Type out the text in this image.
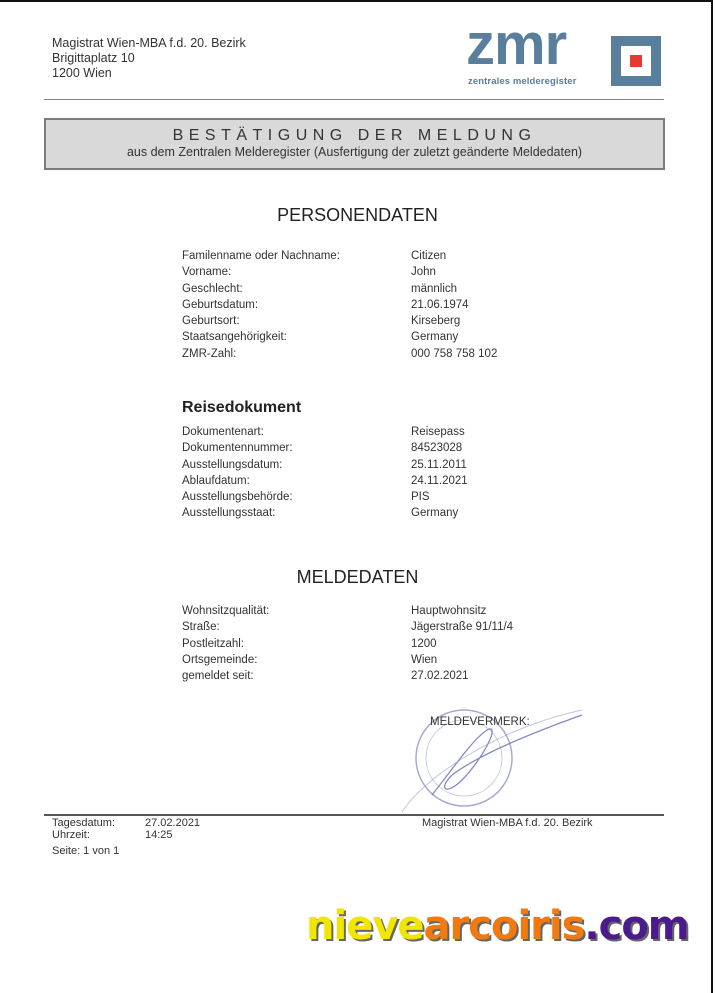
Magistrat Wien-MBA f.d. 20. Bezirk
Brigittaplatz 10
1200 Wien	zmr
zentrales melderegister
BESTÄTIGUNG DER MELDUNG
aus dem Zentralen Melderegister (Ausfertigung der zuletzt geänderte Meldedaten)
PERSONENDATEN
Familenname oder Nachname:	Citizen
Vorname:	John
Geschlecht:	männlich
Geburtsdatum:	21.06.1974
Geburtsort:	Kirseberg
Staatsangehörigkeit:	Germany
ZMR-Zahl:	000 758 758 102
Reisedokument
Dokumentenart:	Reisepass
Dokumentennummer:	84523028
Ausstellungsdatum:	25.11.2011
Ablaufdatum:	24.11.2021
Ausstellungsbehörde:	PIS
Ausstellungsstaat:	Germany
MELDEDATEN
Wohnsitzqualität:	Hauptwohnsitz
Straße:	Jägerstraße 91/11/4
Postleitzahl:	1200
Ortsgemeinde:	Wien
gemeldet seit:	27.02.2021
MELDEVERMERK:
Tagesdatum:	27.02.2021
Uhrzeit:	14:25
Seite: 1 von 1
Magistrat Wien-MBA f.d. 20. Bezirk
nievearcoiris.com
